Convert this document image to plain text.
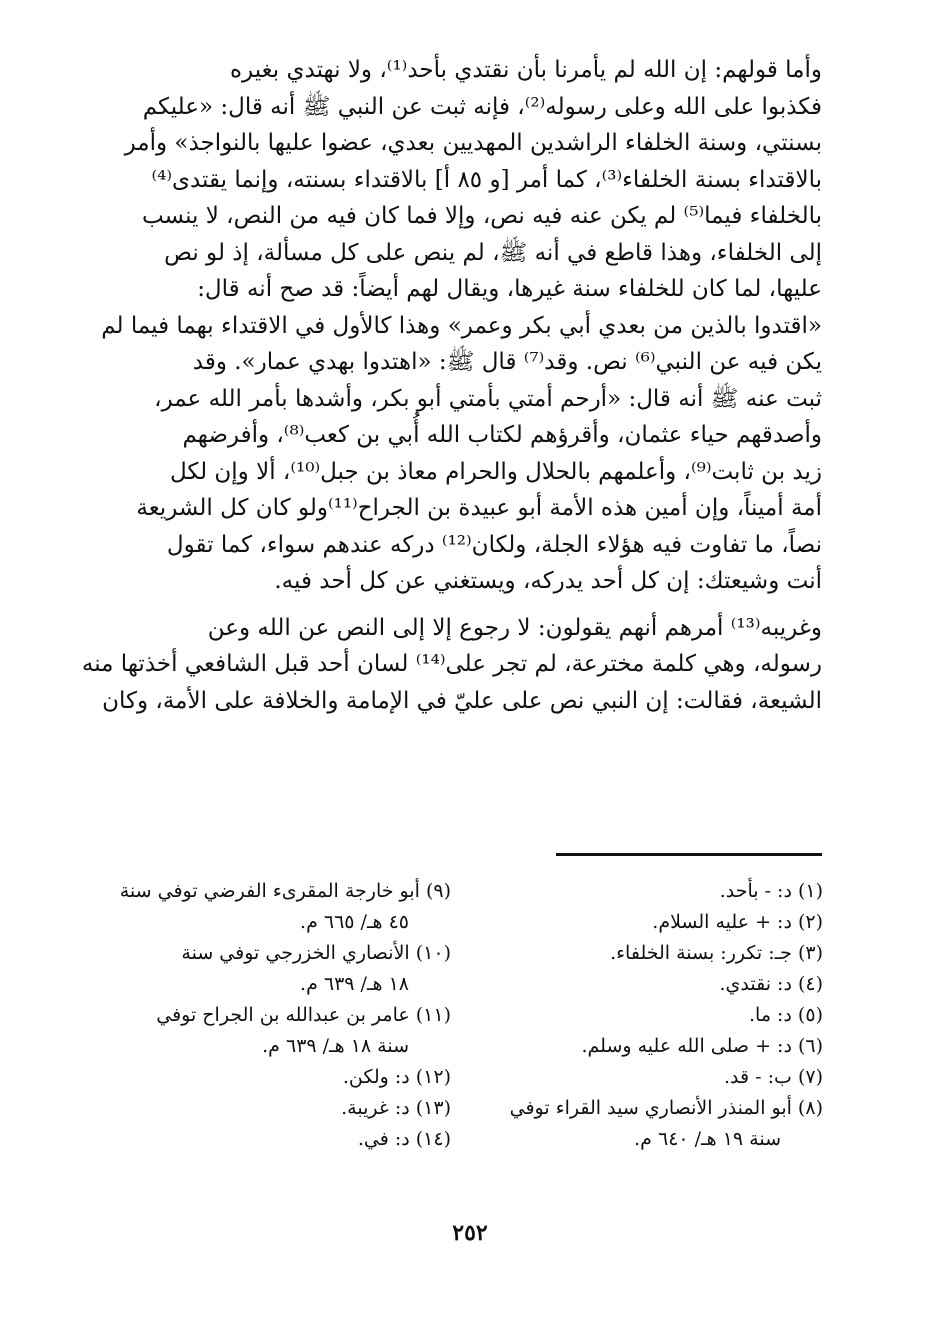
وأما قولهم: إن الله لم يأمرنا بأن نقتدي بأحد⁽¹⁾، ولا نهتدي بغيره
فكذبوا على الله وعلى رسوله⁽²⁾، فإنه ثبت عن النبي ﷺ أنه قال: «عليكم
بسنتي، وسنة الخلفاء الراشدين المهديين بعدي، عضوا عليها بالنواجذ» وأمر
بالاقتداء بسنة الخلفاء⁽³⁾، كما أمر [و ٨٥ أ] بالاقتداء بسنته، وإنما يقتدى⁽⁴⁾
بالخلفاء فيما⁽⁵⁾ لم يكن عنه فيه نص، وإلا فما كان فيه من النص، لا ينسب
إلى الخلفاء، وهذا قاطع في أنه ﷺ، لم ينص على كل مسألة، إذ لو نص
عليها، لما كان للخلفاء سنة غيرها، ويقال لهم أيضاً: قد صح أنه قال:
«اقتدوا بالذين من بعدي أبي بكر وعمر» وهذا كالأول في الاقتداء بهما فيما لم
يكن فيه عن النبي⁽⁶⁾ نص. وقد⁽⁷⁾ قال ﷺ: «اهتدوا بهدي عمار». وقد
ثبت عنه ﷺ أنه قال: «أرحم أمتي بأمتي أبو بكر، وأشدها بأمر الله عمر،
وأصدقهم حياء عثمان، وأقرؤهم لكتاب الله أُبي بن كعب⁽⁸⁾، وأفرضهم
زيد بن ثابت⁽⁹⁾، وأعلمهم بالحلال والحرام معاذ بن جبل⁽¹⁰⁾، ألا وإن لكل
أمة أميناً، وإن أمين هذه الأمة أبو عبيدة بن الجراح⁽¹¹⁾ولو كان كل الشريعة
نصاً، ما تفاوت فيه هؤلاء الجلة، ولكان⁽¹²⁾ دركه عندهم سواء، كما تقول
أنت وشيعتك: إن كل أحد يدركه، ويستغني عن كل أحد فيه.

وغريبه⁽¹³⁾ أمرهم أنهم يقولون: لا رجوع إلا إلى النص عن الله وعن
رسوله، وهي كلمة مخترعة، لم تجر على⁽¹⁴⁾ لسان أحد قبل الشافعي أخذتها منه
الشيعة، فقالت: إن النبي نص على عليّ في الإمامة والخلافة على الأمة، وكان

(١) د: - بأحد.
(٢) د: + عليه السلام.
(٣) جـ: تكرر: بسنة الخلفاء.
(٤) د: نقتدي.
(٥) د: ما.
(٦) د: + صلى الله عليه وسلم.
(٧) ب: - قد.
(٨) أبو المنذر الأنصاري سيد القراء توفي
سنة ١٩ هـ/ ٦٤٠ م.
(٩) أبو خارجة المقرىء الفرضي توفي سنة
٤٥ هـ/ ٦٦٥ م.
(١٠) الأنصاري الخزرجي توفي سنة
١٨ هـ/ ٦٣٩ م.
(١١) عامر بن عبدالله بن الجراح توفي
سنة ١٨ هـ/ ٦٣٩ م.
(١٢) د: ولكن.
(١٣) د: غريبة.
(١٤) د: في.
٢٥٢
